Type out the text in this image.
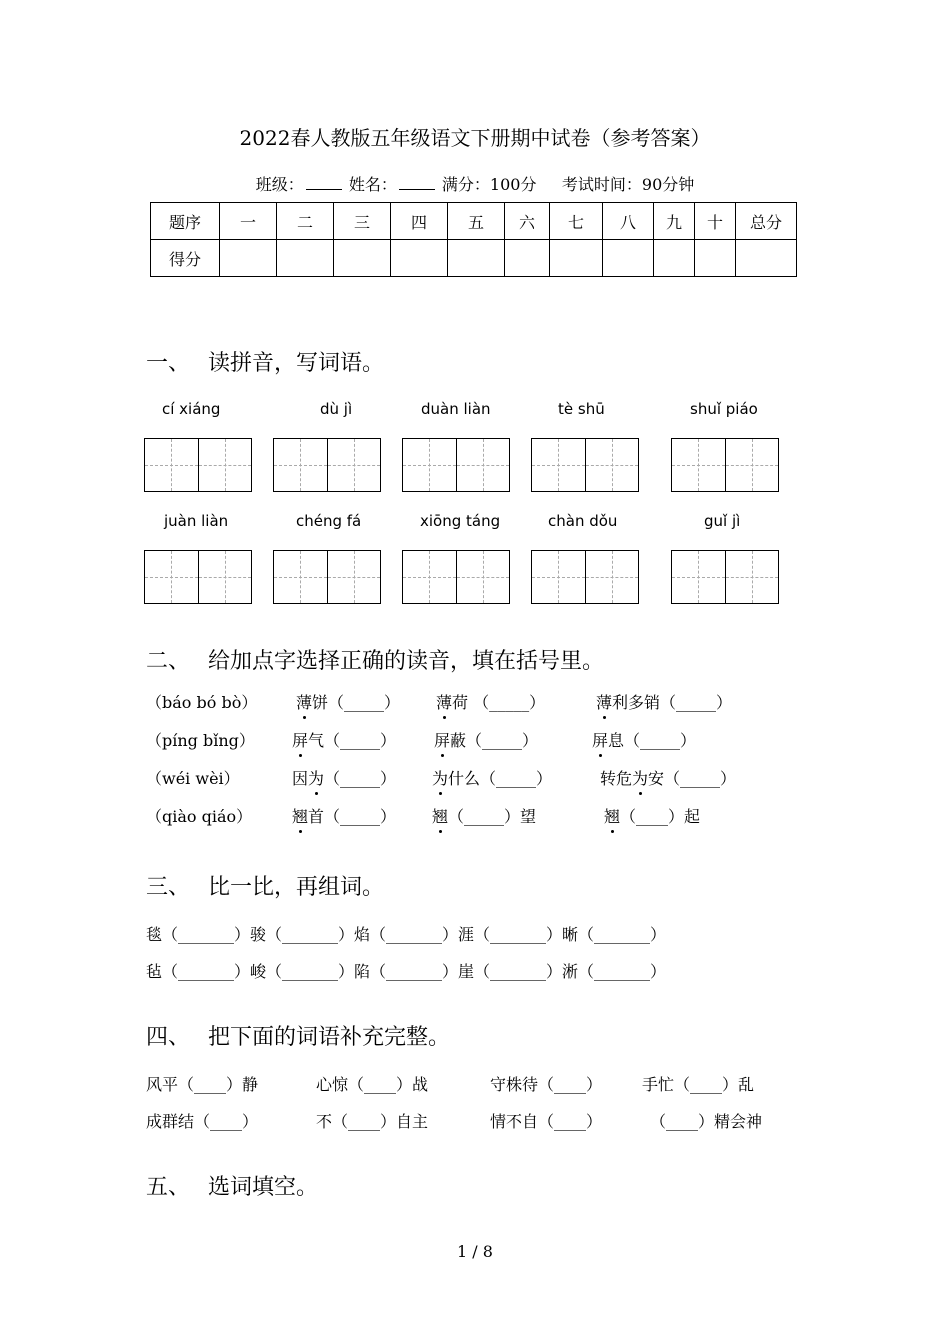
2022春人教版五年级语文下册期中试卷（参考答案）
班级：	姓名：	满分：100分 考试时间：90分钟
题序	一	二	三	四	五	六	七	八	九	十	总分
得分											
一、 读拼音，写词语。
cí xiáng	dù jì	duàn liàn	tè shū	shuǐ piáo
juàn liàn	chéng fá	xiōng táng	chàn dǒu	guǐ jì
二、 给加点字选择正确的读音，填在括号里。
（báo bó bò） 薄饼（_____） 薄荷 （_____）	薄利多销（_____）
（píng bǐng） 屏气（_____） 屏蔽（_____）	屏息（_____）
（wéi wèi）	因为（_____） 为什么（_____）	转危为安（_____）
（qiào qiáo） 翘首（_____） 翘（_____）望	翘（____）起
三、 比一比，再组词。
毯（_______）骏（_______）焰（_______）涯（_______）晰（_______）
毡（_______）峻（_______）陷（_______）崖（_______）淅（_______）
四、 把下面的词语补充完整。
风平（____）静	心惊（____）战	守株待（____） 手忙（____）乱
成群结（____）	不（____）自主	情不自（____）	（____）精会神
五、 选词填空。
1 / 8
